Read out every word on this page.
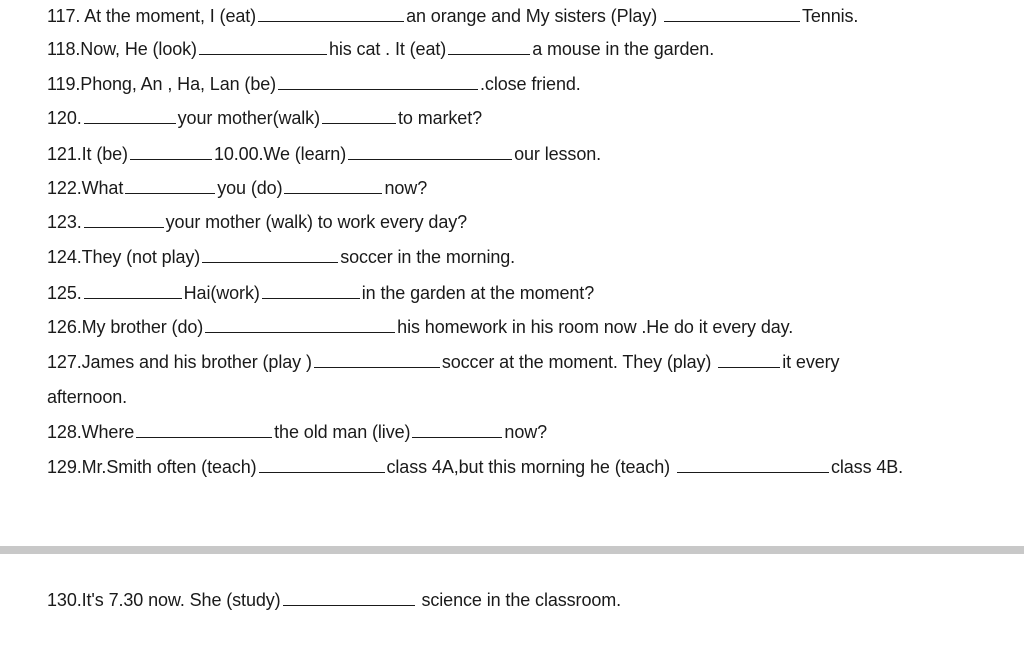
117. At the moment, I (eat)	an orange and My sisters (Play)	Tennis.
118.Now, He (look)	his cat . It (eat)	a mouse in the garden.
119.Phong, An , Ha, Lan (be)	.close friend.
120.	your mother(walk)	to market?
121.It (be)	10.00.We (learn)	our lesson.
122.What	you (do)	now?
123.	your mother (walk) to work every day?
124.They (not play)	soccer in the morning.
125.	Hai(work)	in the garden at the moment?
126.My brother (do)	his homework in his room now .He do it every day.
127.James and his brother (play )	soccer at the moment. They (play)	it every
afternoon.
128.Where	the old man (live)	now?
129.Mr.Smith often (teach)	class 4A,but this morning he (teach)	class 4B.
130.It's 7.30 now. She (study)	science in the classroom.
